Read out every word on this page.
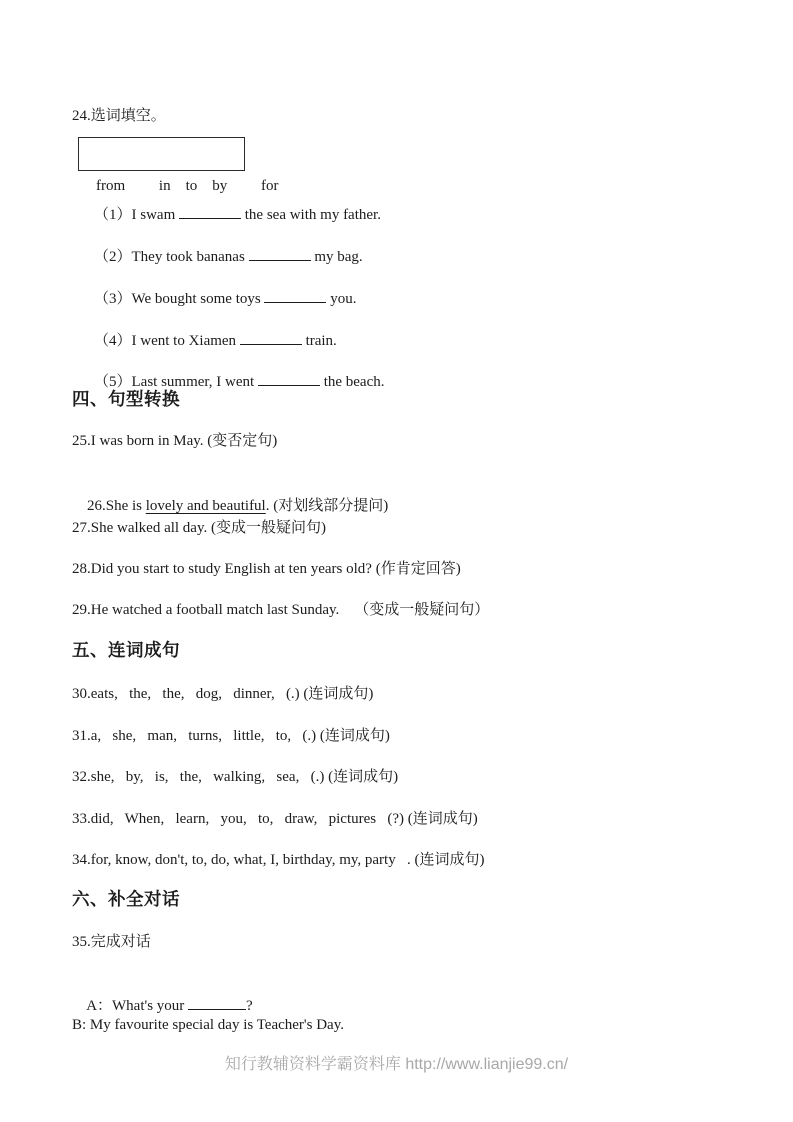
24.选词填空。

from         in    to    by         for

（1）I swam	the sea with my father.

（2）They took bananas	my bag.

（3）We bought some toys	you.

（4）I went to Xiamen	train.

（5）Last summer, I went	the beach.

四、句型转换
25.I was born in May. (变否定句)

26.She is lovely and beautiful. (对划线部分提问)

27.She walked all day. (变成一般疑问句)
28.Did you start to study English at ten years old? (作肯定回答)
29.He watched a football match last Sunday.    （变成一般疑问句）
五、连词成句
30.eats,   the,   the,   dog,   dinner,   (.) (连词成句)
31.a,   she,   man,   turns,   little,   to,   (.) (连词成句)
32.she,   by,   is,   the,   walking,   sea,   (.) (连词成句)
33.did,   When,   learn,   you,   to,   draw,   pictures   (?) (连词成句)
34.for, know, don't, to, do, what, I, birthday, my, party   . (连词成句)
六、补全对话
35.完成对话

A：What's your	?

B: My favourite special day is Teacher's Day.
知行教辅资料学霸资料库 http://www.lianjie99.cn/
